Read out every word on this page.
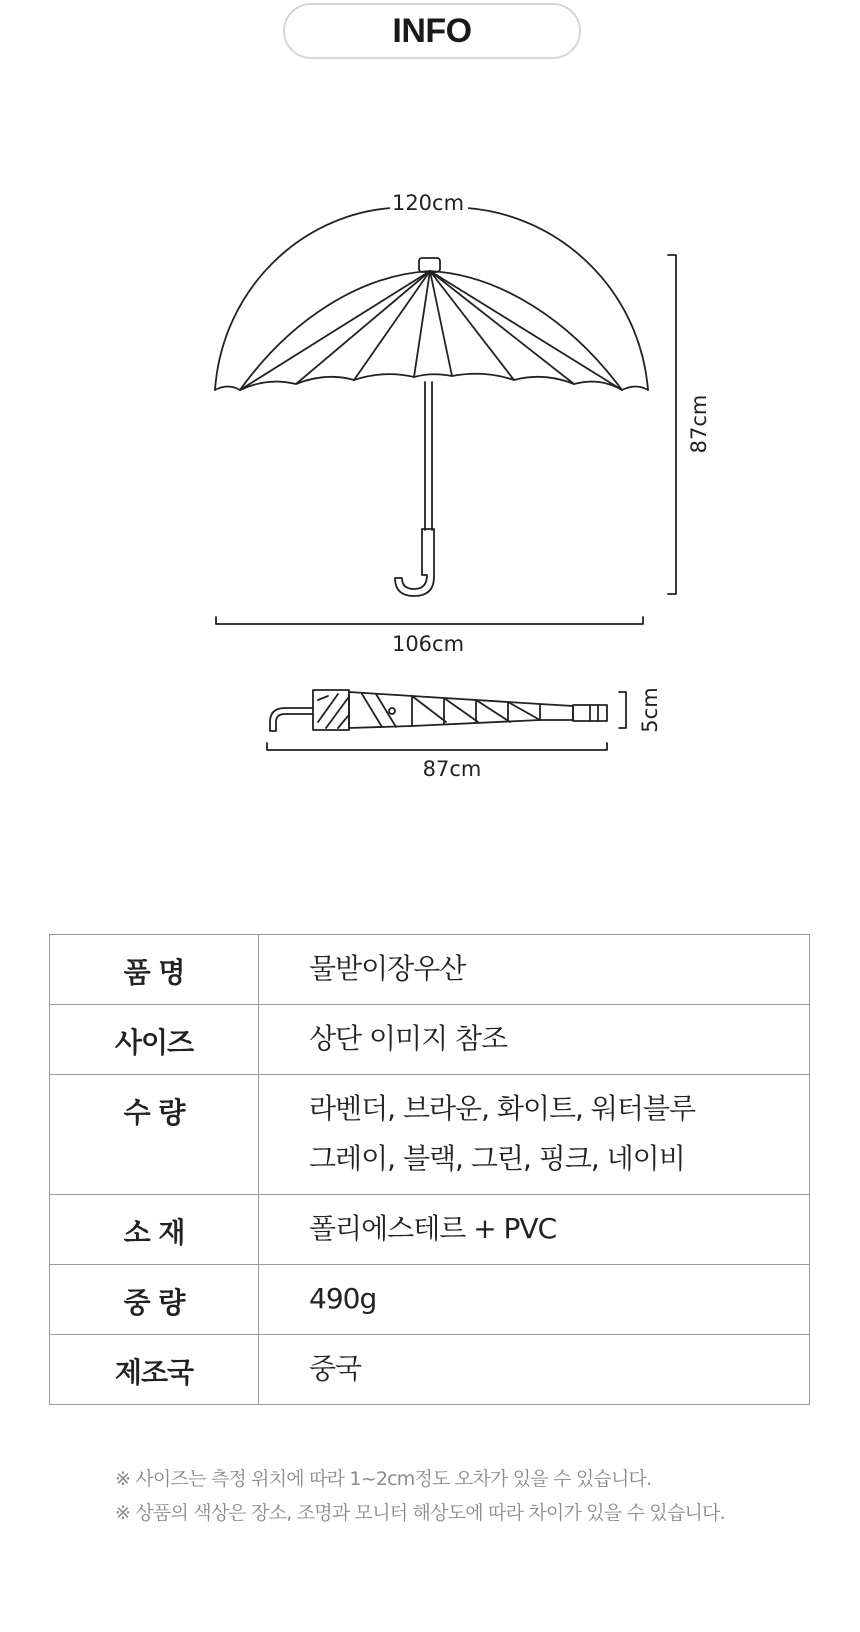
INFO
120cm
87cm
106cm
5cm
87cm
품 명	물받이장우산

사이즈	상단 이미지 참조

수 량	라벤더, 브라운, 화이트, 워터블루
그레이, 블랙, 그린, 핑크, 네이비

소 재	폴리에스테르 + PVC

중 량	490g

제조국	중국
※ 사이즈는 측정 위치에 따라 1~2cm정도 오차가 있을 수 있습니다.
※ 상품의 색상은 장소, 조명과 모니터 해상도에 따라 차이가 있을 수 있습니다.
